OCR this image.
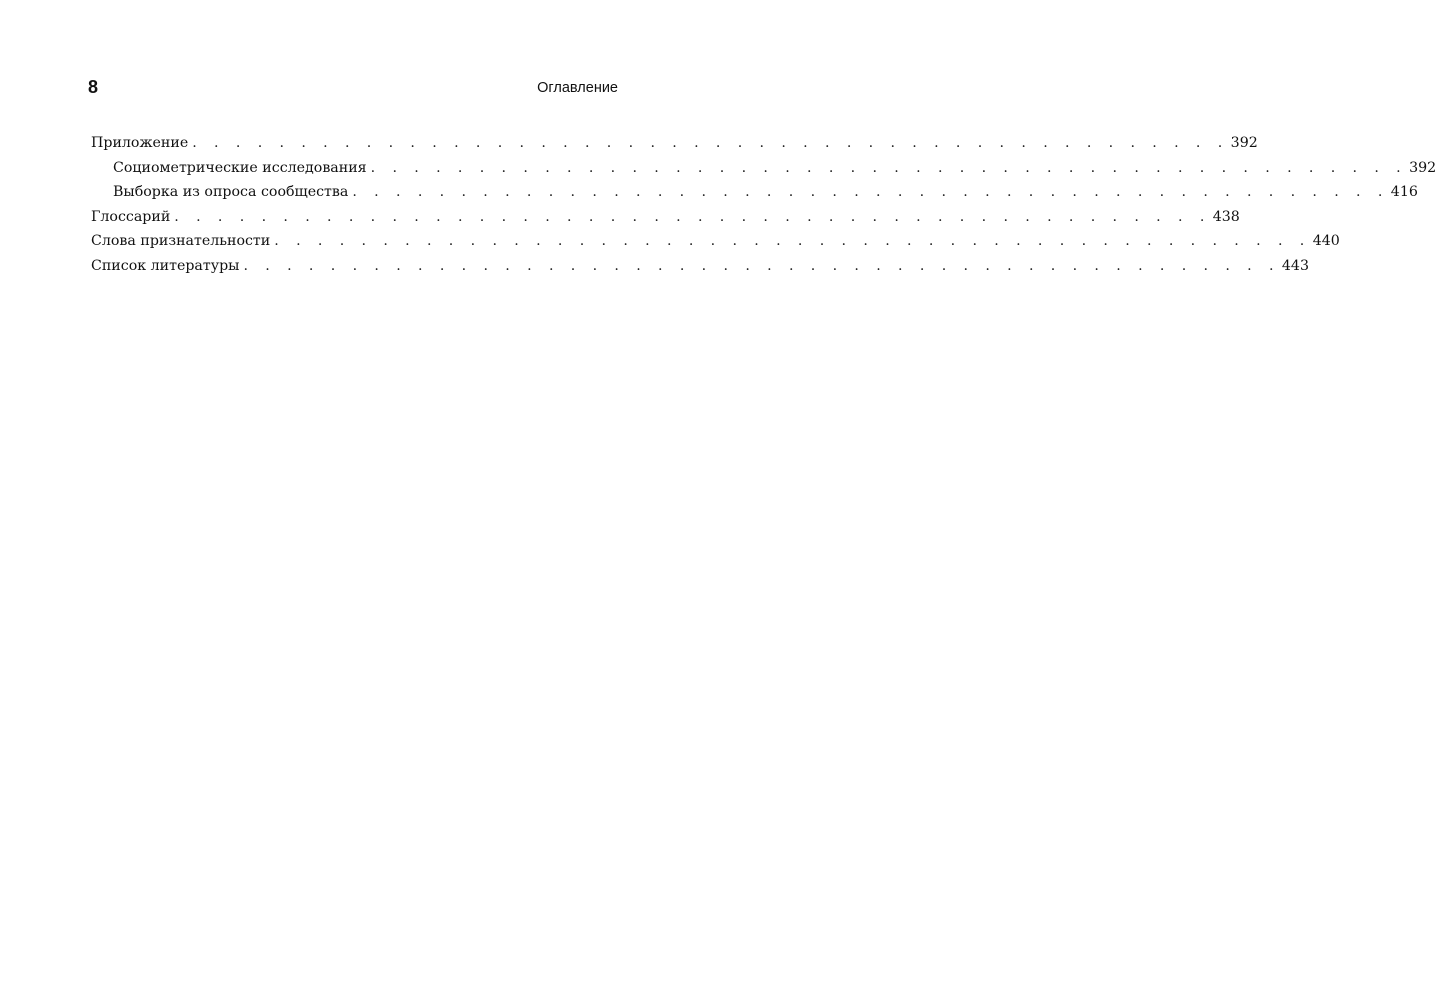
8	Оглавление
Приложение . . . . . . . . . . . . . . . . . . . . . . . . . . . . . . . . . . . . . . . . . . . . . . . . 392
Социометрические исследования . . . . . . . . . . . . . . . . . . . . . . . . . . . . . . . . . . . . . . . . . . . . . . . . 392
Выборка из опроса сообщества . . . . . . . . . . . . . . . . . . . . . . . . . . . . . . . . . . . . . . . . . . . . . . . . 416
Глоссарий . . . . . . . . . . . . . . . . . . . . . . . . . . . . . . . . . . . . . . . . . . . . . . . . 438
Слова признательности . . . . . . . . . . . . . . . . . . . . . . . . . . . . . . . . . . . . . . . . . . . . . . . . 440
Список литературы . . . . . . . . . . . . . . . . . . . . . . . . . . . . . . . . . . . . . . . . . . . . . . . . 443
